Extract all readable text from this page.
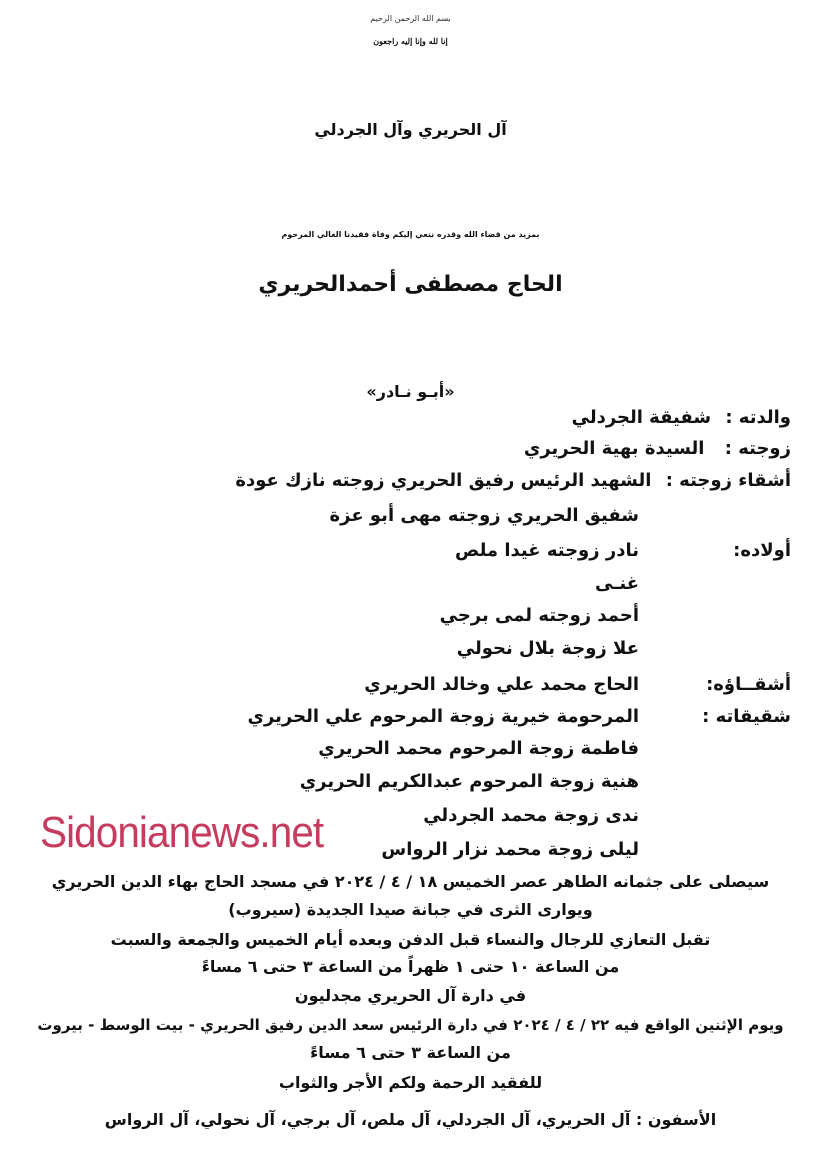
بسم الله الرحمن الرحيم
إنا لله وإنا إليه راجعون
آل الحريري وآل الجردلي
بمزيد من قضاء الله وقدره ننعي إليكم وفاة فقيدنا الغالي المرحوم
الحاج مصطفى أحمدالحريري
«أبـو نـادر»
والدته : شفيقة الجردلي
زوجته : السيدة بهية الحريري
أشقاء زوجته : الشهيد الرئيس رفيق الحريري زوجته نازك عودة
شفيق الحريري زوجته مهى أبو عزة
أولاده:
نادر زوجته غيدا ملص
غنـى
أحمد زوجته لمى برجي
علا زوجة بلال نحولي
أشقــاؤه:
الحاج محمد علي وخالد الحريري
شقيقاته :
المرحومة خيرية زوجة المرحوم علي الحريري
فاطمة زوجة المرحوم محمد الحريري
هنية زوجة المرحوم عبدالكريم الحريري
ندى زوجة محمد الجردلي
ليلى زوجة محمد نزار الرواس
Sidonianews.net
سيصلى على جثمانه الطاهر عصر الخميس ١٨ / ٤ / ٢٠٢٤ في مسجد الحاج بهاء الدين الحريري
ويوارى الثرى في جبانة صيدا الجديدة (سيروب)
تقبل التعازي للرجال والنساء قبل الدفن وبعده أيام الخميس والجمعة والسبت
من الساعة ١٠ حتى ١ ظهراً من الساعة ٣ حتى ٦ مساءً
في دارة آل الحريري مجدليون
ويوم الإثنين الواقع فيه ٢٢ / ٤ / ٢٠٢٤ في دارة الرئيس سعد الدين رفيق الحريري - بيت الوسط - بيروت
من الساعة ٣ حتى ٦ مساءً
للفقيد الرحمة ولكم الأجر والثواب
الأسفون : آل الحريري، آل الجردلي، آل ملص، آل برجي، آل نحولي، آل الرواس
